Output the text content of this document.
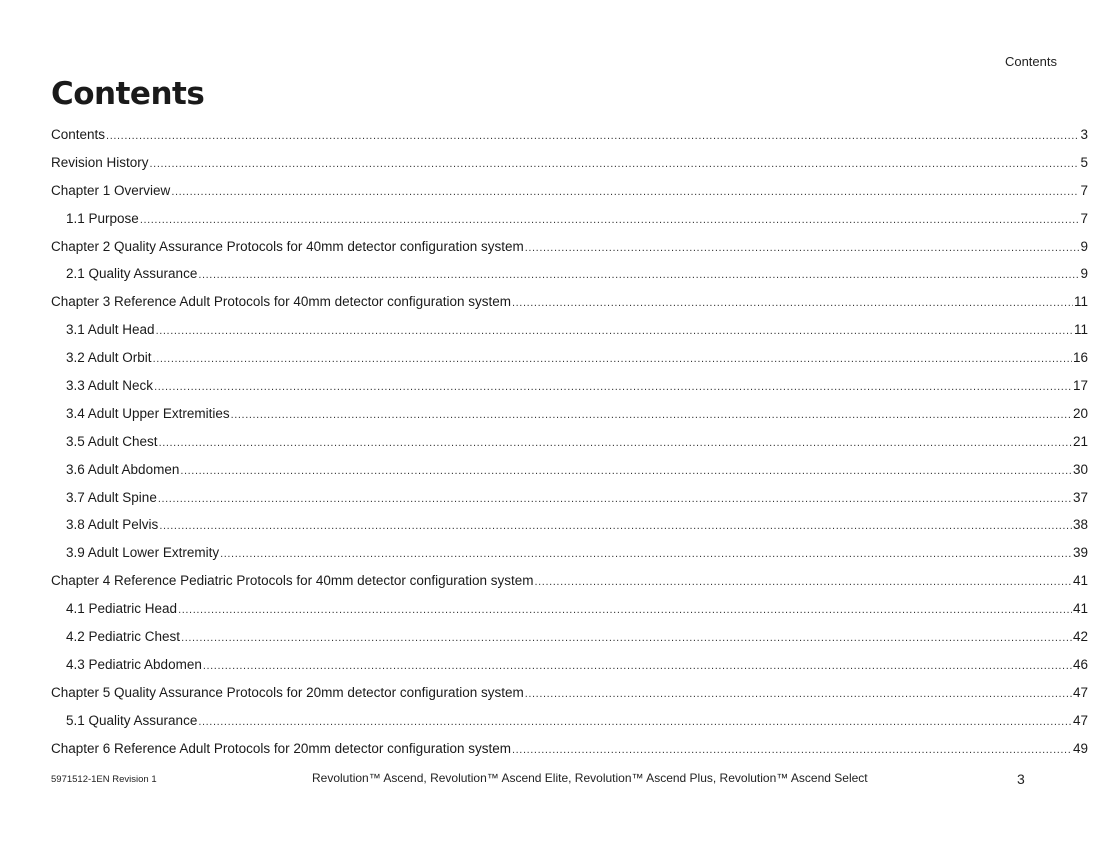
Contents
Contents
Contents .....	3
Revision History .....	5
Chapter 1 Overview .....	7
1.1 Purpose .....	7
Chapter 2 Quality Assurance Protocols for 40mm detector configuration system .....	9
2.1 Quality Assurance .....	9
Chapter 3 Reference Adult Protocols for 40mm detector configuration system .....	11
3.1 Adult Head .....	11
3.2 Adult Orbit .....	16
3.3 Adult Neck .....	17
3.4 Adult Upper Extremities .....	20
3.5 Adult Chest .....	21
3.6 Adult Abdomen .....	30
3.7 Adult Spine .....	37
3.8 Adult Pelvis .....	38
3.9 Adult Lower Extremity .....	39
Chapter 4 Reference Pediatric Protocols for 40mm detector configuration system .....	41
4.1 Pediatric Head .....	41
4.2 Pediatric Chest .....	42
4.3 Pediatric Abdomen .....	46
Chapter 5 Quality Assurance Protocols for 20mm detector configuration system .....	47
5.1 Quality Assurance .....	47
Chapter 6 Reference Adult Protocols for 20mm detector configuration system .....	49
5971512-1EN Revision 1	Revolution™ Ascend, Revolution™ Ascend Elite, Revolution™ Ascend Plus, Revolution™ Ascend Select	3
